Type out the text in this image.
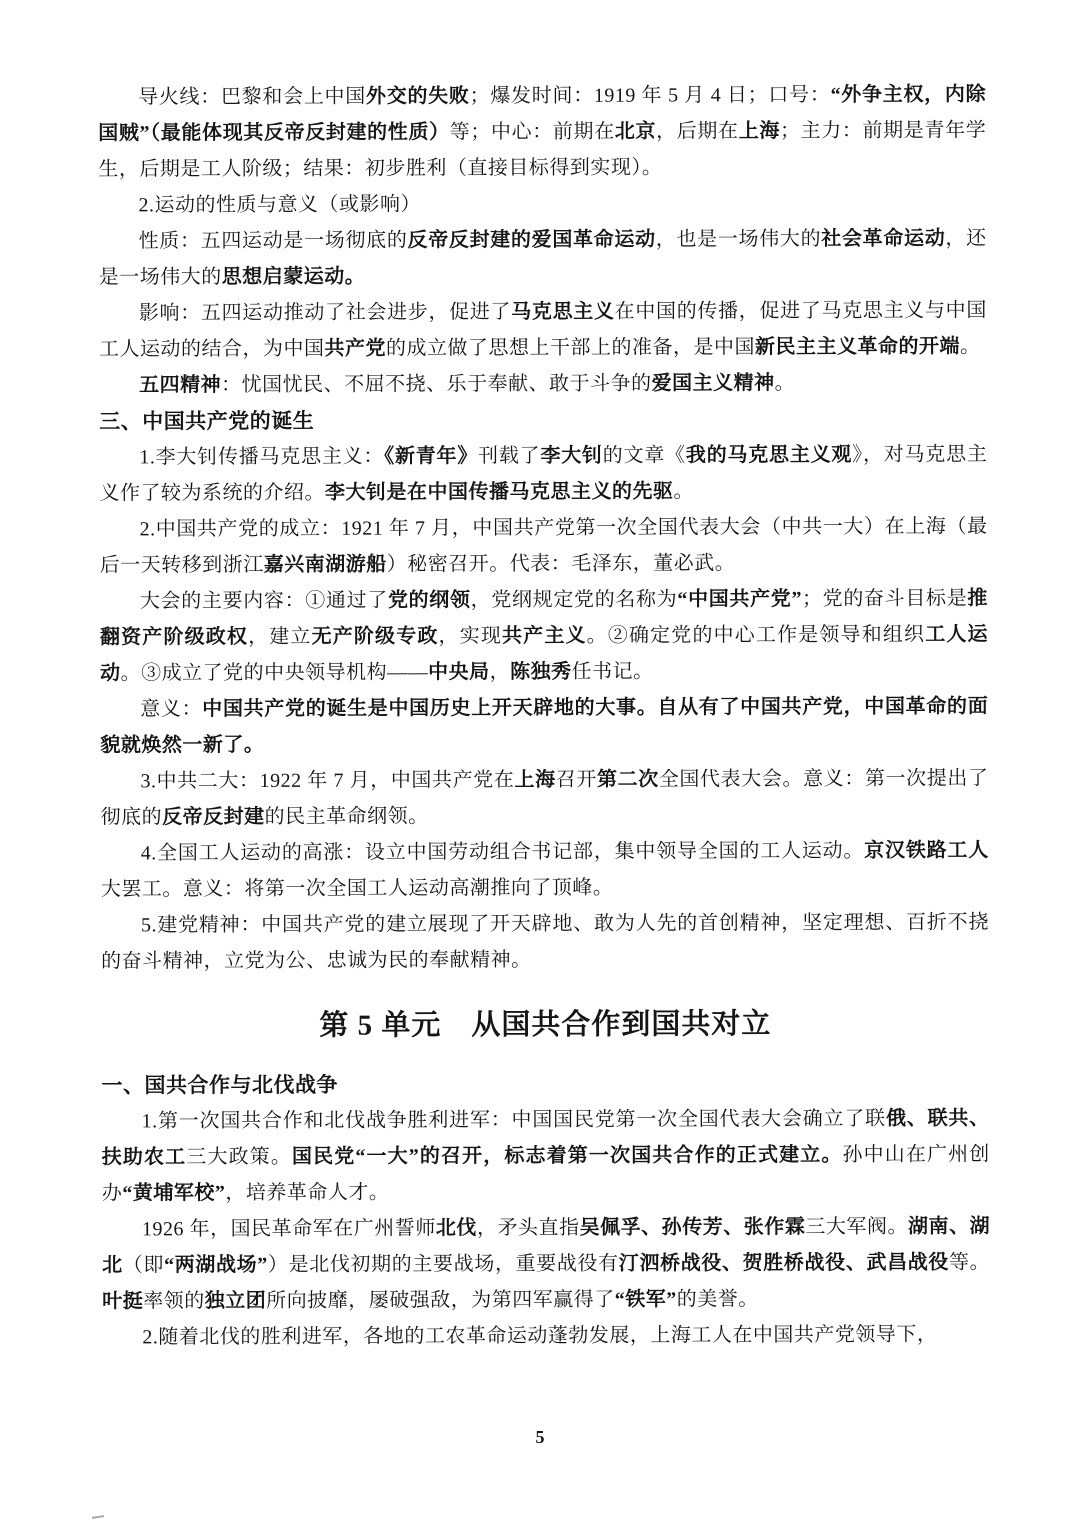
导火线：巴黎和会上中国外交的失败；爆发时间：1919 年 5 月 4 日；口号：“外争主权，内除国贼”（最能体现其反帝反封建的性质）等；中心：前期在北京，后期在上海；主力：前期是青年学生，后期是工人阶级；结果：初步胜利（直接目标得到实现）。
2.运动的性质与意义（或影响）
性质：五四运动是一场彻底的反帝反封建的爱国革命运动，也是一场伟大的社会革命运动，还是一场伟大的思想启蒙运动。
影响：五四运动推动了社会进步，促进了马克思主义在中国的传播，促进了马克思主义与中国工人运动的结合，为中国共产党的成立做了思想上干部上的准备，是中国新民主主义革命的开端。
五四精神：忧国忧民、不屈不挠、乐于奉献、敢于斗争的爱国主义精神。
三、中国共产党的诞生
1.李大钊传播马克思主义：《新青年》刊载了李大钊的文章《我的马克思主义观》，对马克思主义作了较为系统的介绍。李大钊是在中国传播马克思主义的先驱。
2.中国共产党的成立：1921 年 7 月，中国共产党第一次全国代表大会（中共一大）在上海（最后一天转移到浙江嘉兴南湖游船）秘密召开。代表：毛泽东，董必武。
大会的主要内容：①通过了党的纲领，党纲规定党的名称为“中国共产党”；党的奋斗目标是推翻资产阶级政权，建立无产阶级专政，实现共产主义。②确定党的中心工作是领导和组织工人运动。③成立了党的中央领导机构——中央局，陈独秀任书记。
意义：中国共产党的诞生是中国历史上开天辟地的大事。自从有了中国共产党，中国革命的面貌就焕然一新了。
3.中共二大：1922 年 7 月，中国共产党在上海召开第二次全国代表大会。意义：第一次提出了彻底的反帝反封建的民主革命纲领。
4.全国工人运动的高涨：设立中国劳动组合书记部，集中领导全国的工人运动。京汉铁路工人大罢工。意义：将第一次全国工人运动高潮推向了顶峰。
5.建党精神：中国共产党的建立展现了开天辟地、敢为人先的首创精神，坚定理想、百折不挠的奋斗精神，立党为公、忠诚为民的奉献精神。
第 5 单元　从国共合作到国共对立
一、国共合作与北伐战争
1.第一次国共合作和北伐战争胜利进军：中国国民党第一次全国代表大会确立了联俄、联共、扶助农工三大政策。国民党“一大”的召开，标志着第一次国共合作的正式建立。孙中山在广州创办“黄埔军校”，培养革命人才。
1926 年，国民革命军在广州誓师北伐，矛头直指吴佩孚、孙传芳、张作霖三大军阀。湖南、湖北（即“两湖战场”）是北伐初期的主要战场，重要战役有汀泗桥战役、贺胜桥战役、武昌战役等。叶挺率领的独立团所向披靡，屡破强敌，为第四军赢得了“铁军”的美誉。
2.随着北伐的胜利进军，各地的工农革命运动蓬勃发展，上海工人在中国共产党领导下，
5
